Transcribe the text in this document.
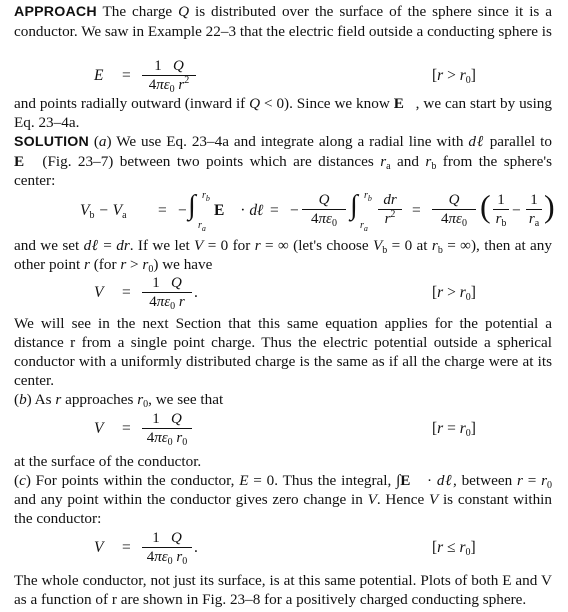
APPROACH The charge Q is distributed over the surface of the sphere since it is a conductor. We saw in Example 22–3 that the electric field outside a conducting sphere is
E =
1   Q
$4\pi\varepsilon_0$ $r^2$	$[r > r_0]$
and points radially outward (inward if Q < 0). Since we know E⃗, we can start by using Eq. 23–4a.
SOLUTION (a) We use Eq. 23–4a and integrate along a radial line with dℓ parallel to E⃗ (Fig. 23–7) between two points which are distances $r_a$ and $r_b$ from the sphere's center:
$V_b - V_a$ = − ∫ $r_b$
$r_a$
E⃗ · dℓ = −
Q
$4\pi\varepsilon_0$
∫ $r_b$
$r_a$
dr
$r^2$	=
Q
$4\pi\varepsilon_0$ ( 1
$r_b$
−
1
$r_a$ )
and we set dℓ = dr. If we let V = 0 for r = ∞ (let's choose $V_b = 0$ at $r_b$ = ∞), then at any other point r (for $r > r_0$) we have
V =
1   Q
$4\pi\varepsilon_0$ r
.	$[r > r_0]$
We will see in the next Section that this same equation applies for the potential a distance r from a single point charge. Thus the electric potential outside a spherical conductor with a uniformly distributed charge is the same as if all the charge were at its center.
(b) As r approaches $r_0$, we see that
V =
1   Q
$4\pi\varepsilon_0$ $r_0$
$[r = r_0]$
at the surface of the conductor.
(c) For points within the conductor, E = 0. Thus the integral, ∫E⃗ · dℓ, between $r = r_0$ and any point within the conductor gives zero change in V. Hence V is constant within the conductor:
V =
1   Q
$4\pi\varepsilon_0$ $r_0$
.	$[r \le r_0]$
The whole conductor, not just its surface, is at this same potential. Plots of both E and V as a function of r are shown in Fig. 23–8 for a positively charged conducting sphere.
